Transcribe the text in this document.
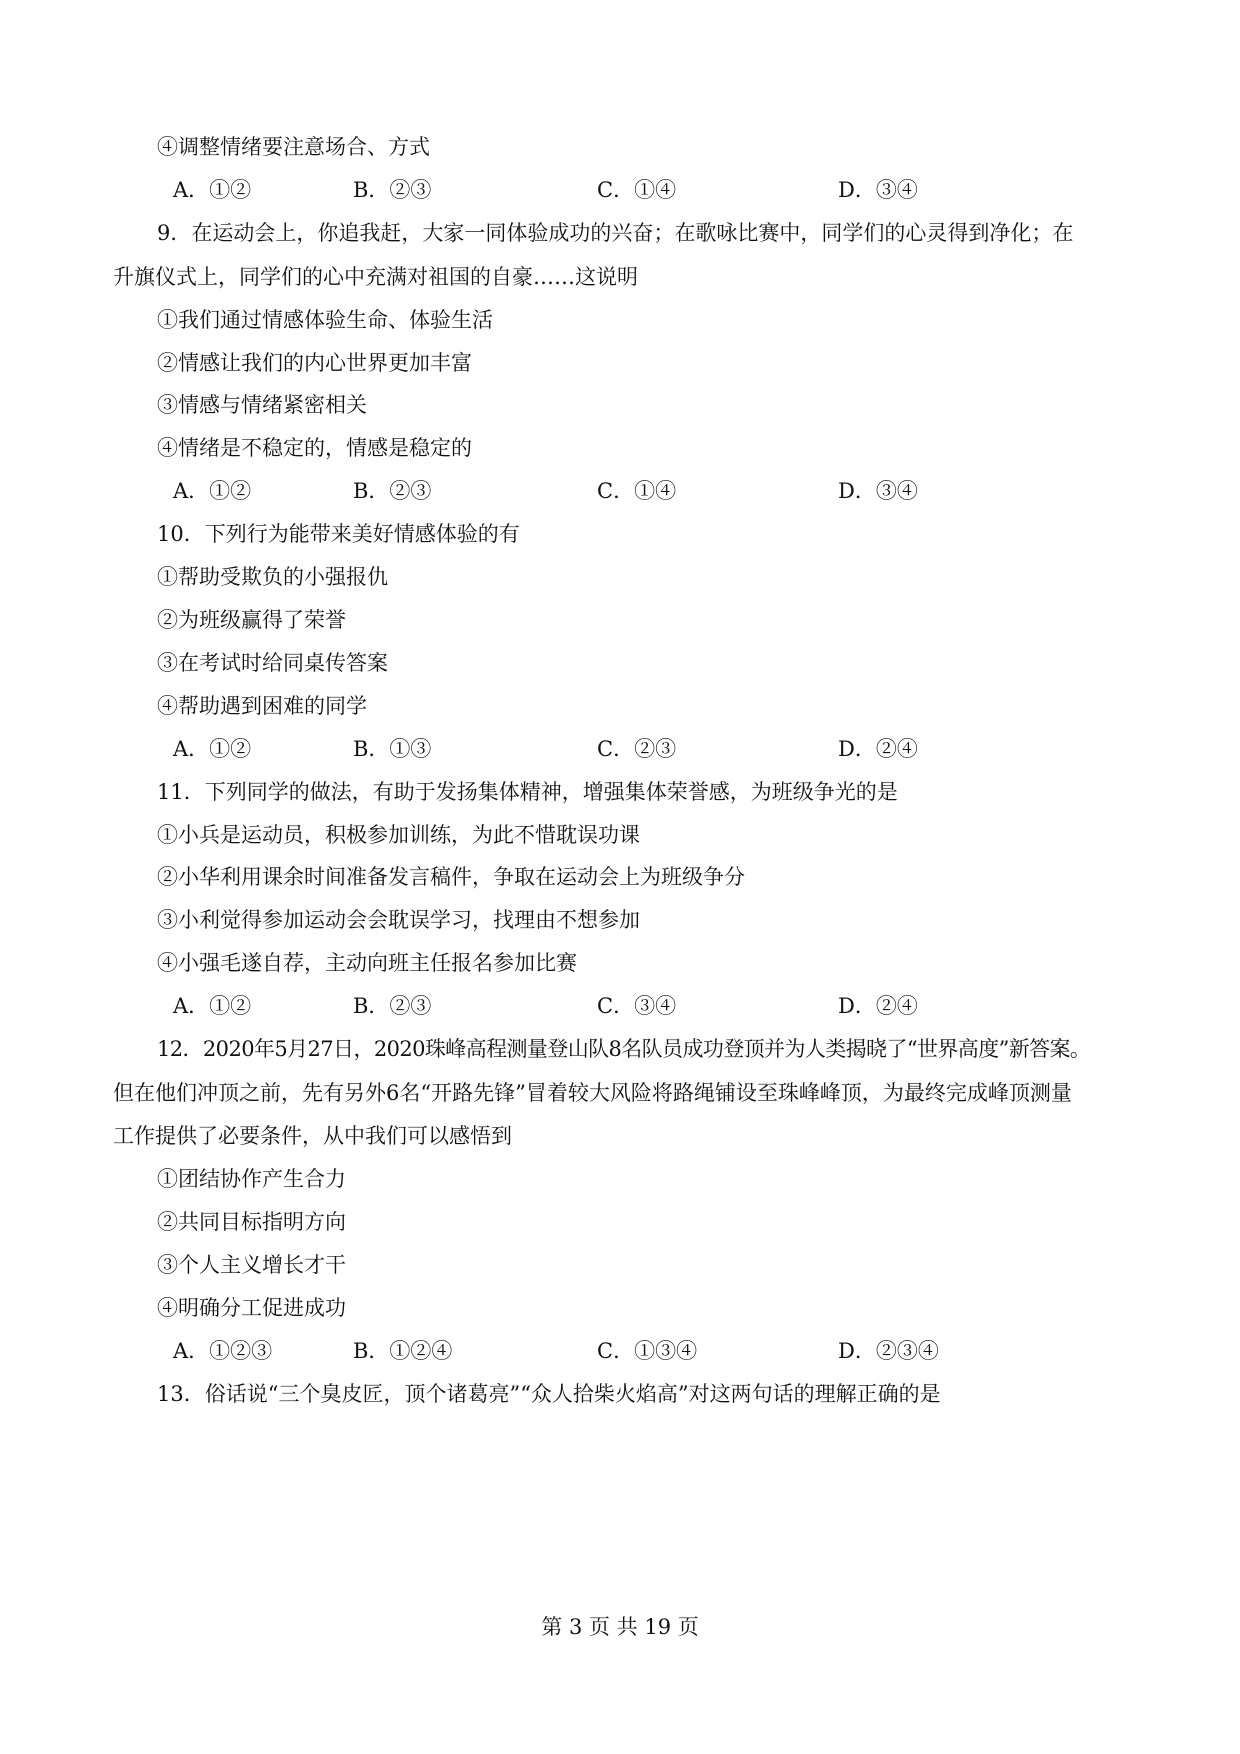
④调整情绪要注意场合、方式
A．①②	B．②③	C．①④	D．③④
9．在运动会上，你追我赶，大家一同体验成功的兴奋；在歌咏比赛中，同学们的心灵得到净化；在
升旗仪式上，同学们的心中充满对祖国的自豪……这说明
①我们通过情感体验生命、体验生活
②情感让我们的内心世界更加丰富
③情感与情绪紧密相关
④情绪是不稳定的，情感是稳定的
A．①②	B．②③	C．①④	D．③④
10．下列行为能带来美好情感体验的有
①帮助受欺负的小强报仇
②为班级赢得了荣誉
③在考试时给同桌传答案
④帮助遇到困难的同学
A．①②	B．①③	C．②③	D．②④
11．下列同学的做法，有助于发扬集体精神，增强集体荣誉感，为班级争光的是
①小兵是运动员，积极参加训练，为此不惜耽误功课
②小华利用课余时间准备发言稿件，争取在运动会上为班级争分
③小利觉得参加运动会会耽误学习，找理由不想参加
④小强毛遂自荐，主动向班主任报名参加比赛
A．①②	B．②③	C．③④	D．②④
12．2020年5月27日，2020珠峰高程测量登山队8名队员成功登顶并为人类揭晓了“世界高度”新答案。
但在他们冲顶之前，先有另外6名“开路先锋”冒着较大风险将路绳铺设至珠峰峰顶，为最终完成峰顶测量
工作提供了必要条件，从中我们可以感悟到
①团结协作产生合力
②共同目标指明方向
③个人主义增长才干
④明确分工促进成功
A．①②③	B．①②④	C．①③④	D．②③④
13．俗话说“三个臭皮匠，顶个诸葛亮”“众人拾柴火焰高”对这两句话的理解正确的是
第 3 页 共 19 页
